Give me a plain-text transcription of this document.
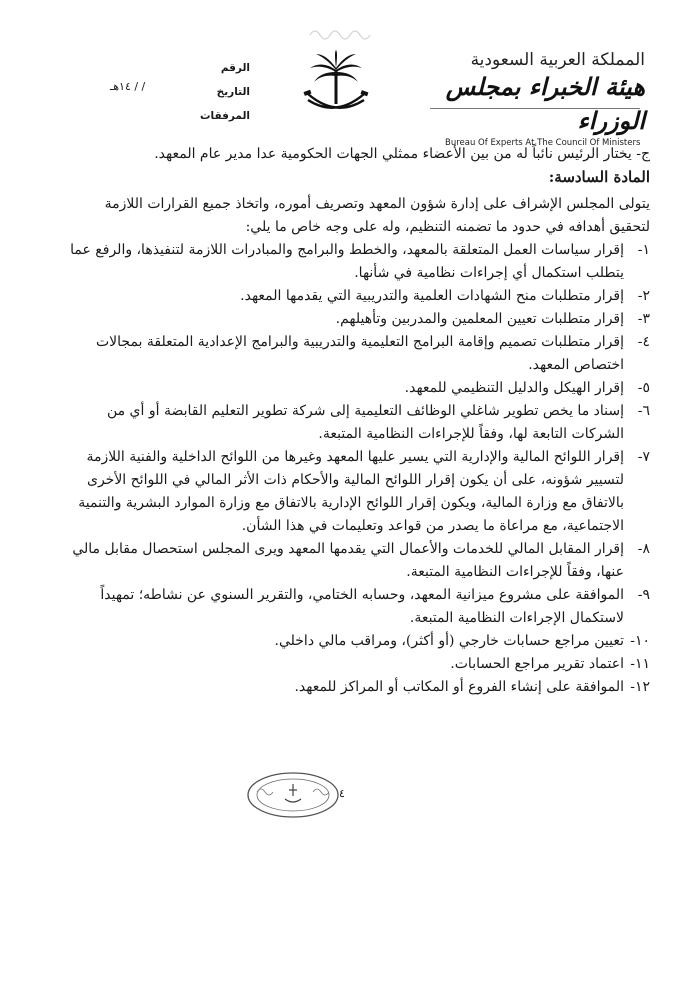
المملكة العربية السعودية
هيئة الخبراء بمجلس الوزراء
Bureau Of Experts At The Council Of Ministers
الرقم
التاريخ
المرفقات
/ / ١٤هـ
ج- يختار الرئيس نائباً له من بين الأعضاء ممثلي الجهات الحكومية عدا مدير عام المعهد.
المادة السادسة:
يتولى المجلس الإشراف على إدارة شؤون المعهد وتصريف أموره، واتخاذ جميع القرارات اللازمة
لتحقيق أهدافه في حدود ما تضمنه التنظيم، وله على وجه خاص ما يلي:
١-
إقرار سياسات العمل المتعلقة بالمعهد، والخطط والبرامج والمبادرات اللازمة لتنفيذها، والرفع عما
يتطلب استكمال أي إجراءات نظامية في شأنها.
٢-
إقرار متطلبات منح الشهادات العلمية والتدريبية التي يقدمها المعهد.
٣-
إقرار متطلبات تعيين المعلمين والمدربين وتأهيلهم.
٤-
إقرار متطلبات تصميم وإقامة البرامج التعليمية والتدريبية والبرامج الإعدادية المتعلقة بمجالات
اختصاص المعهد.
٥-
إقرار الهيكل والدليل التنظيمي للمعهد.
٦-
إسناد ما يخص تطوير شاغلي الوظائف التعليمية إلى شركة تطوير التعليم القابضة أو أي من
الشركات التابعة لها، وفقاً للإجراءات النظامية المتبعة.
٧-
إقرار اللوائح المالية والإدارية التي يسير عليها المعهد وغيرها من اللوائح الداخلية والفنية اللازمة
لتسيير شؤونه، على أن يكون إقرار اللوائح المالية والأحكام ذات الأثر المالي في اللوائح الأخرى
بالاتفاق مع وزارة المالية، ويكون إقرار اللوائح الإدارية بالاتفاق مع وزارة الموارد البشرية والتنمية
الاجتماعية، مع مراعاة ما يصدر من قواعد وتعليمات في هذا الشأن.
٨-
إقرار المقابل المالي للخدمات والأعمال التي يقدمها المعهد ويرى المجلس استحصال مقابل مالي
عنها، وفقاً للإجراءات النظامية المتبعة.
٩-
الموافقة على مشروع ميزانية المعهد، وحسابه الختامي، والتقرير السنوي عن نشاطه؛ تمهيداً
لاستكمال الإجراءات النظامية المتبعة.
١٠-
تعيين مراجع حسابات خارجي (أو أكثر)، ومراقب مالي داخلي.
١١-
اعتماد تقرير مراجع الحسابات.
١٢-
الموافقة على إنشاء الفروع أو المكاتب أو المراكز للمعهد.
٤
